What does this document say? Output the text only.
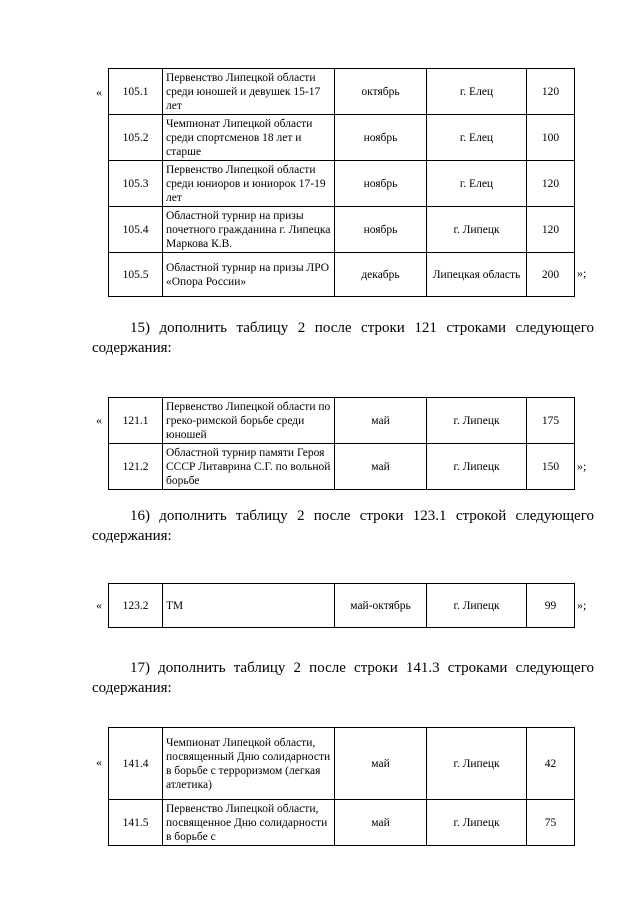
« 105.1	Первенство Липецкой области среди юношей и девушек 15-17 лет	октябрь	г. Елец	120
105.2	Чемпионат Липецкой области среди спортсменов 18 лет и старше	ноябрь	г. Елец	100
105.3	Первенство Липецкой области среди юниоров и юниорок 17-19 лет	ноябрь	г. Елец	120
105.4	Областной турнир на призы почетного гражданина г. Липецка Маркова К.В.	ноябрь	г. Липецк	120
105.5	Областной турнир на призы ЛРО «Опора России»	декабрь	Липецкая область	200 »;

15) дополнить таблицу 2 после строки 121 строками следующего содержания:

« 121.1	Первенство Липецкой области по греко-римской борьбе среди юношей	май	г. Липецк	175
121.2	Областной турнир памяти Героя СССР Литаврина С.Г. по вольной борьбе	май	г. Липецк	150 »;

16) дополнить таблицу 2 после строки 123.1 строкой следующего содержания:

« 123.2	ТМ	май-октябрь	г. Липецк	99 »;

17) дополнить таблицу 2 после строки 141.3 строками следующего содержания:

« 141.4	Чемпионат Липецкой области, посвященный Дню солидарности в борьбе с терроризмом (легкая атлетика)	май	г. Липецк	42
141.5	Первенство Липецкой области, посвященное Дню солидарности в борьбе с	май	г. Липецк	75
